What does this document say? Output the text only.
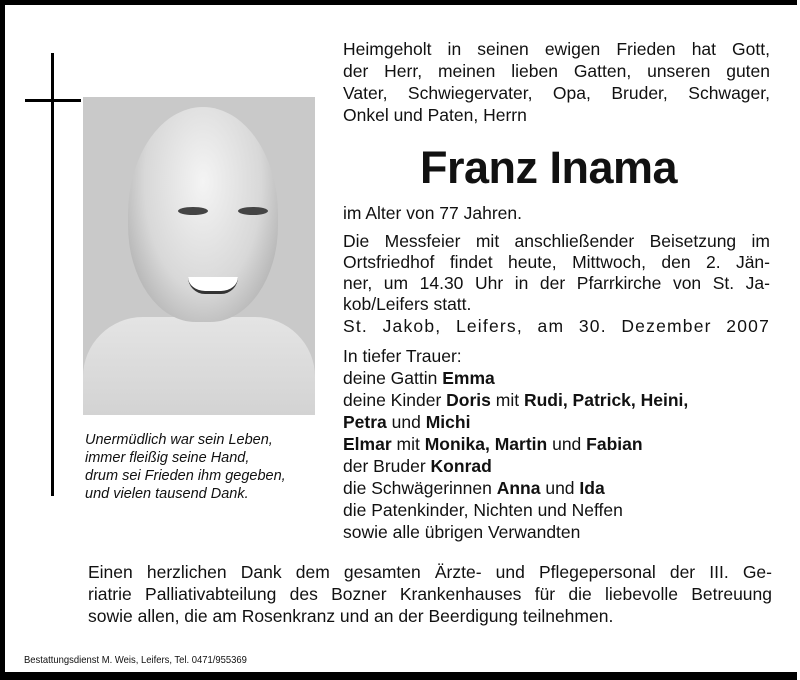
Unermüdlich war sein Leben,
immer fleißig seine Hand,
drum sei Frieden ihm gegeben,
und vielen tausend Dank.
Franz Inama
Heimgeholt in seinen ewigen Frieden hat Gott,
der Herr, meinen lieben Gatten, unseren guten
Vater, Schwiegervater, Opa, Bruder, Schwager,
Onkel und Paten, Herrn
im Alter von 77 Jahren.
Die Messfeier mit anschließender Beisetzung im
Ortsfriedhof findet heute, Mittwoch, den 2. Jän-
ner, um 14.30 Uhr in der Pfarrkirche von St. Ja-
kob/Leifers statt.
St. Jakob, Leifers, am 30. Dezember 2007
In tiefer Trauer:
deine Gattin Emma
deine Kinder Doris mit Rudi, Patrick, Heini,
Petra und Michi
Elmar mit Monika, Martin und Fabian
der Bruder Konrad
die Schwägerinnen Anna und Ida
die Patenkinder, Nichten und Neffen
sowie alle übrigen Verwandten
Einen herzlichen Dank dem gesamten Ärzte- und Pflegepersonal der III. Ge-
riatrie Palliativabteilung des Bozner Krankenhauses für die liebevolle Betreuung
sowie allen, die am Rosenkranz und an der Beerdigung teilnehmen.
Bestattungsdienst M. Weis, Leifers, Tel. 0471/955369
